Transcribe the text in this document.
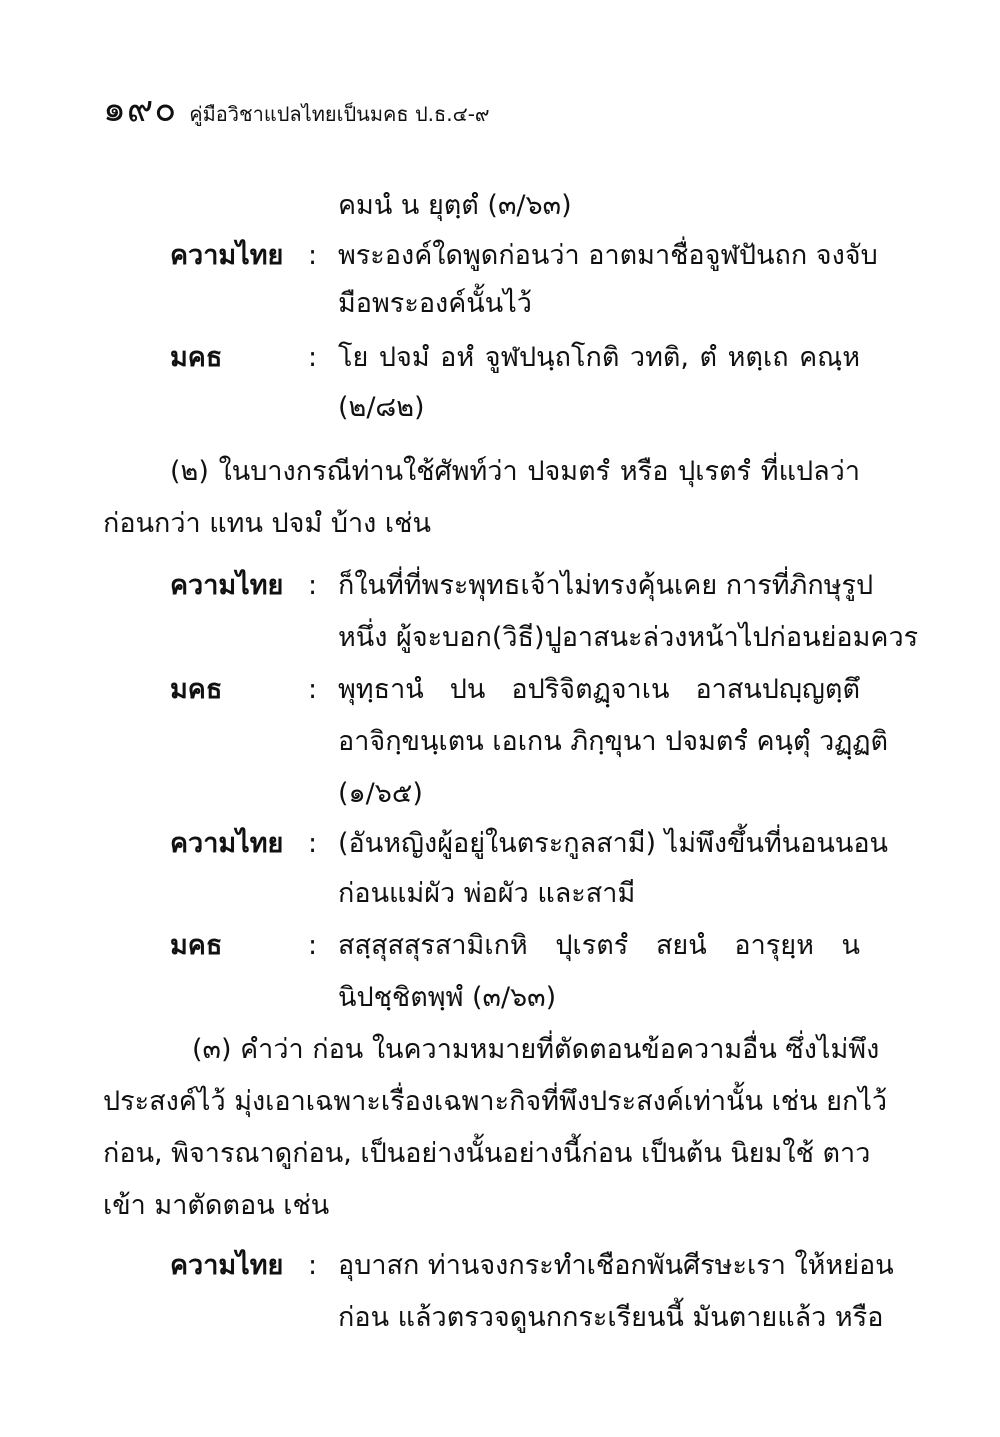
๑๙๐ คู่มือวิชาแปลไทยเป็นมคธ ป.ธ.๔-๙
คมนํ น ยุตฺตํ (๓/๖๓)
ความไทย : พระองค์ใดพูดก่อนว่า อาตมาชื่อจูฬปันถก จงจับ
มือพระองค์นั้นไว้
มคธ	: โย ปจมํ อหํ จูฬปนฺถโกติ วทติ, ตํ หตฺเถ คณฺห
(๒/๘๒)
(๒) ในบางกรณีท่านใช้ศัพท์ว่า ปจมตรํ หรือ ปุเรตรํ ที่แปลว่า
ก่อนกว่า แทน ปจมํ บ้าง เช่น
ความไทย : ก็ในที่ที่พระพุทธเจ้าไม่ทรงคุ้นเคย การที่ภิกษุรูป
หนึ่ง ผู้จะบอก(วิธี)ปูอาสนะล่วงหน้าไปก่อนย่อมควร
มคธ	: พุทฺธานํ ปน อปริจิตฏฺจาเน อาสนปญฺญตฺตึ
อาจิกฺขนฺเตน เอเกน ภิกฺขุนา ปจมตรํ คนฺตุํ วฏฺฏติ
(๑/๖๕)
ความไทย : (อันหญิงผู้อยู่ในตระกูลสามี) ไม่พึงขึ้นที่นอนนอน
ก่อนแม่ผัว พ่อผัว และสามี
มคธ	: สสฺสุสสุรสามิเกหิ ปุเรตรํ สยนํ อารุยฺห น
นิปชฺชิตพฺพํ (๓/๖๓)
(๓) คำว่า ก่อน ในความหมายที่ตัดตอนข้อความอื่น ซึ่งไม่พึง
ประสงค์ไว้ มุ่งเอาเฉพาะเรื่องเฉพาะกิจที่พึงประสงค์เท่านั้น เช่น ยกไว้
ก่อน, พิจารณาดูก่อน, เป็นอย่างนั้นอย่างนี้ก่อน เป็นต้น นิยมใช้ ตาว
เข้า มาตัดตอน เช่น
ความไทย : อุบาสก ท่านจงกระทำเชือกพันศีรษะเรา ให้หย่อน
ก่อน แล้วตรวจดูนกกระเรียนนี้ มันตายแล้ว หรือ
